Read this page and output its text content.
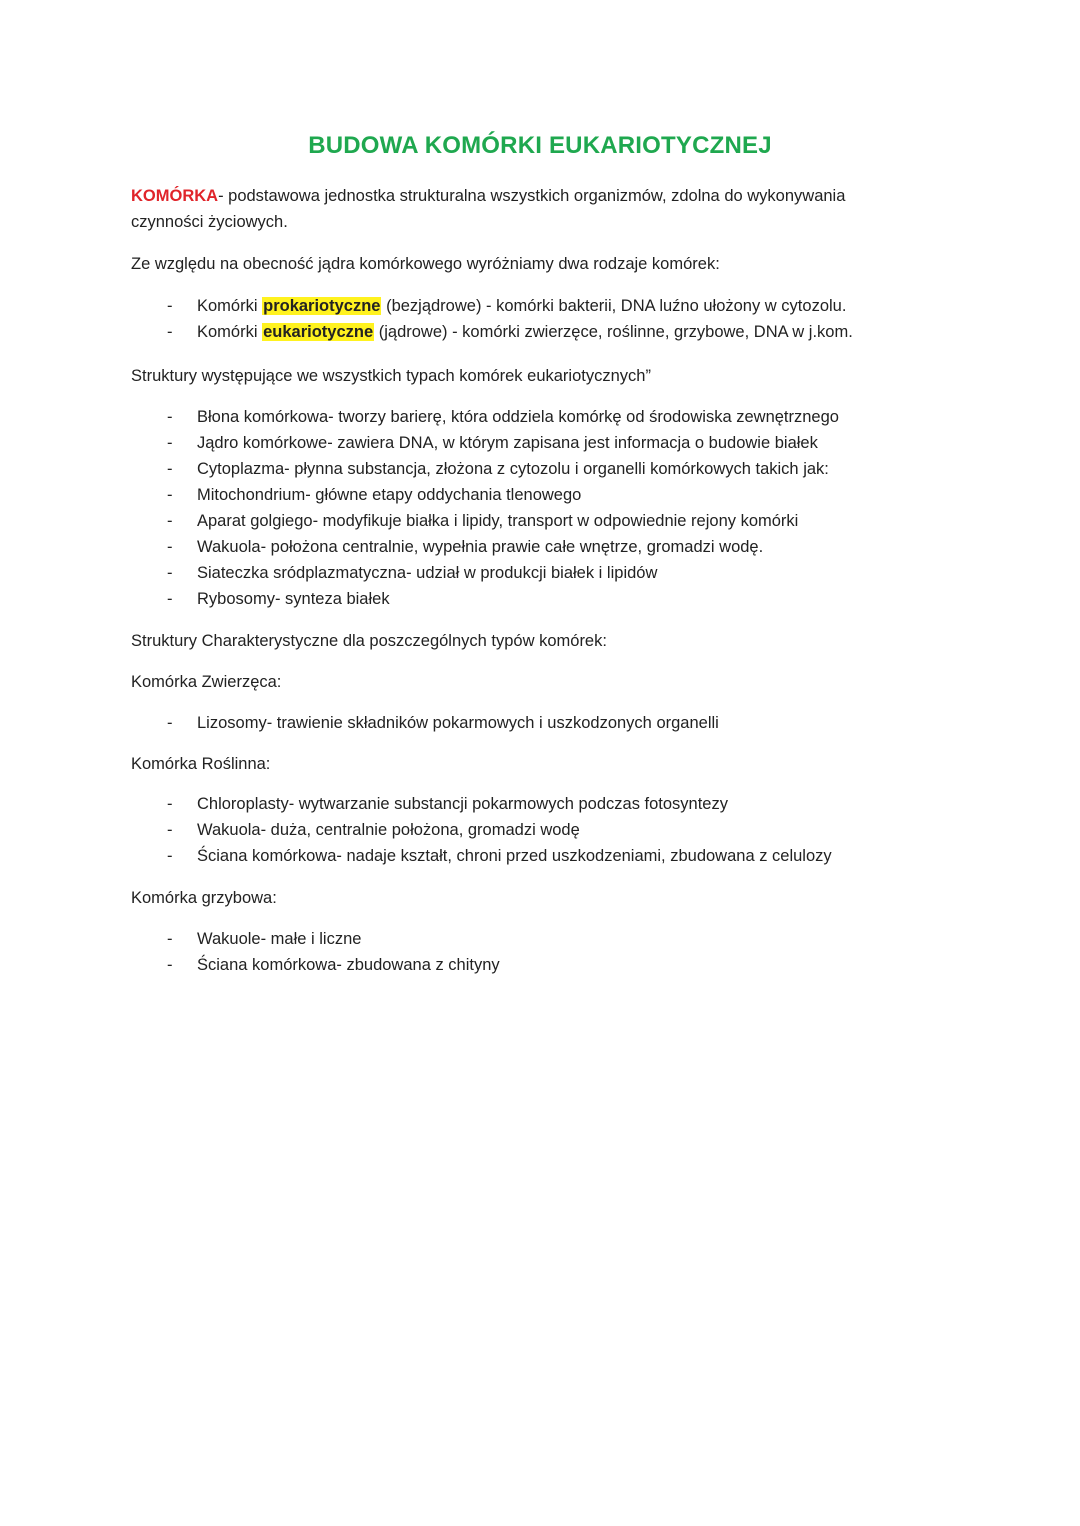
BUDOWA KOMÓRKI EUKARIOTYCZNEJ

KOMÓRKA- podstawowa jednostka strukturalna wszystkich organizmów, zdolna do wykonywania
czynności życiowych.

Ze względu na obecność jądra komórkowego wyróżniamy dwa rodzaje komórek:

- Komórki prokariotyczne (bezjądrowe) - komórki bakterii, DNA luźno ułożony w cytozolu.
- Komórki eukariotyczne (jądrowe) - komórki zwierzęce, roślinne, grzybowe, DNA w j.kom.

Struktury występujące we wszystkich typach komórek eukariotycznych”

- Błona komórkowa- tworzy barierę, która oddziela komórkę od środowiska zewnętrznego
- Jądro komórkowe- zawiera DNA, w którym zapisana jest informacja o budowie białek
- Cytoplazma- płynna substancja, złożona z cytozolu i organelli komórkowych takich jak:
- Mitochondrium- główne etapy oddychania tlenowego
- Aparat golgiego- modyfikuje białka i lipidy, transport w odpowiednie rejony komórki
- Wakuola- położona centralnie, wypełnia prawie całe wnętrze, gromadzi wodę.
- Siateczka sródplazmatyczna- udział w produkcji białek i lipidów
- Rybosomy- synteza białek

Struktury Charakterystyczne dla poszczególnych typów komórek:

Komórka Zwierzęca:

- Lizosomy- trawienie składników pokarmowych i uszkodzonych organelli

Komórka Roślinna:

- Chloroplasty- wytwarzanie substancji pokarmowych podczas fotosyntezy
- Wakuola- duża, centralnie położona, gromadzi wodę
- Ściana komórkowa- nadaje kształt, chroni przed uszkodzeniami, zbudowana z celulozy

Komórka grzybowa:

- Wakuole- małe i liczne
- Ściana komórkowa- zbudowana z chityny
